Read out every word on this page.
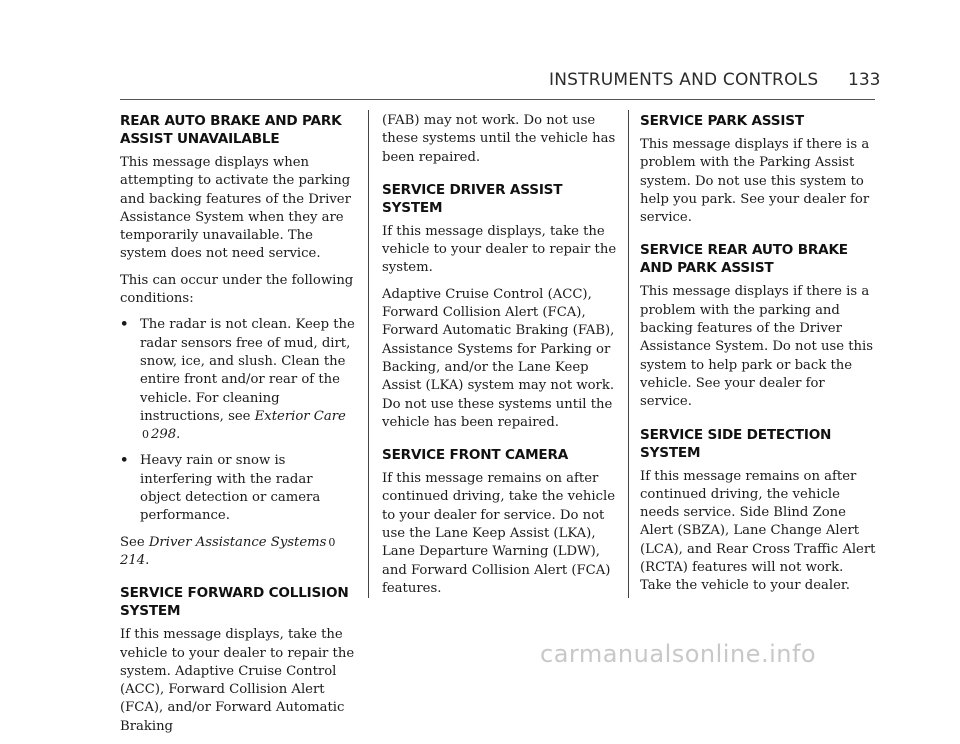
INSTRUMENTS AND CONTROLS 133
REAR AUTO BRAKE AND PARK ASSIST UNAVAILABLE

This message displays when attempting to activate the parking and backing features of the Driver Assistance System when they are temporarily unavailable. The system does not need service.

This can occur under the following conditions:

• The radar is not clean. Keep the radar sensors free of mud, dirt, snow, ice, and slush. Clean the entire front and/or rear of the vehicle. For cleaning instructions, see Exterior Care0 298.
• Heavy rain or snow is interfering with the radar object detection or camera performance.

See Driver Assistance Systems 0214.

SERVICE FORWARD COLLISION SYSTEM

If this message displays, take the vehicle to your dealer to repair the system. Adaptive Cruise Control (ACC), Forward Collision Alert (FCA), and/or Forward Automatic Braking

(FAB) may not work. Do not use these systems until the vehicle has been repaired.

SERVICE DRIVER ASSIST SYSTEM

If this message displays, take the vehicle to your dealer to repair the system.

Adaptive Cruise Control (ACC), Forward Collision Alert (FCA), Forward Automatic Braking (FAB), Assistance Systems for Parking or Backing, and/or the Lane Keep Assist (LKA) system may not work. Do not use these systems until the vehicle has been repaired.

SERVICE FRONT CAMERA

If this message remains on after continued driving, take the vehicle to your dealer for service. Do not use the Lane Keep Assist (LKA), Lane Departure Warning (LDW), and Forward Collision Alert (FCA) features.

SERVICE PARK ASSIST

This message displays if there is a problem with the Parking Assist system. Do not use this system to help you park. See your dealer for service.

SERVICE REAR AUTO BRAKE AND PARK ASSIST

This message displays if there is a problem with the parking and backing features of the Driver Assistance System. Do not use this system to help park or back the vehicle. See your dealer for service.

SERVICE SIDE DETECTION SYSTEM

If this message remains on after continued driving, the vehicle needs service. Side Blind Zone Alert (SBZA), Lane Change Alert (LCA), and Rear Cross Traffic Alert (RCTA) features will not work. Take the vehicle to your dealer.

carmanualsonline.info
